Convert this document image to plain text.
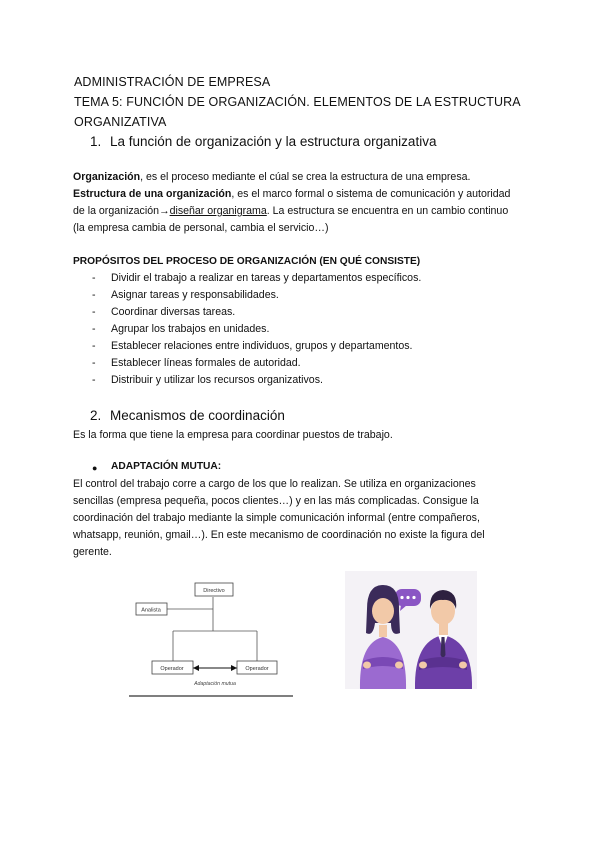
ADMINISTRACIÓN DE EMPRESA
TEMA 5: FUNCIÓN DE ORGANIZACIÓN. ELEMENTOS DE LA ESTRUCTURA
ORGANIZATIVA
1. La función de organización y la estructura organizativa
Organización, es el proceso mediante el cúal se crea la estructura de una empresa.
Estructura de una organización, es el marco formal o sistema de comunicación y autoridad
de la organización→diseñar organigrama. La estructura se encuentra en un cambio continuo
(la empresa cambia de personal, cambia el servicio…)
PROPÓSITOS DEL PROCESO DE ORGANIZACIÓN (EN QUÉ CONSISTE)
- Dividir el trabajo a realizar en tareas y departamentos específicos.
- Asignar tareas y responsabilidades.
- Coordinar diversas tareas.
- Agrupar los trabajos en unidades.
- Establecer relaciones entre individuos, grupos y departamentos.
- Establecer líneas formales de autoridad.
- Distribuir y utilizar los recursos organizativos.
2. Mecanismos de coordinación
Es la forma que tiene la empresa para coordinar puestos de trabajo.
● ADAPTACIÓN MUTUA:
El control del trabajo corre a cargo de los que lo realizan. Se utiliza en organizaciones
sencillas (empresa pequeña, pocos clientes…) y en las más complicadas. Consigue la
coordinación del trabajo mediante la simple comunicación informal (entre compañeros,
whatsapp, reunión, gmail…). En este mecanismo de coordinación no existe la figura del
gerente.
Directivo
Analista
Operador	Operador
Adaptación mutua
